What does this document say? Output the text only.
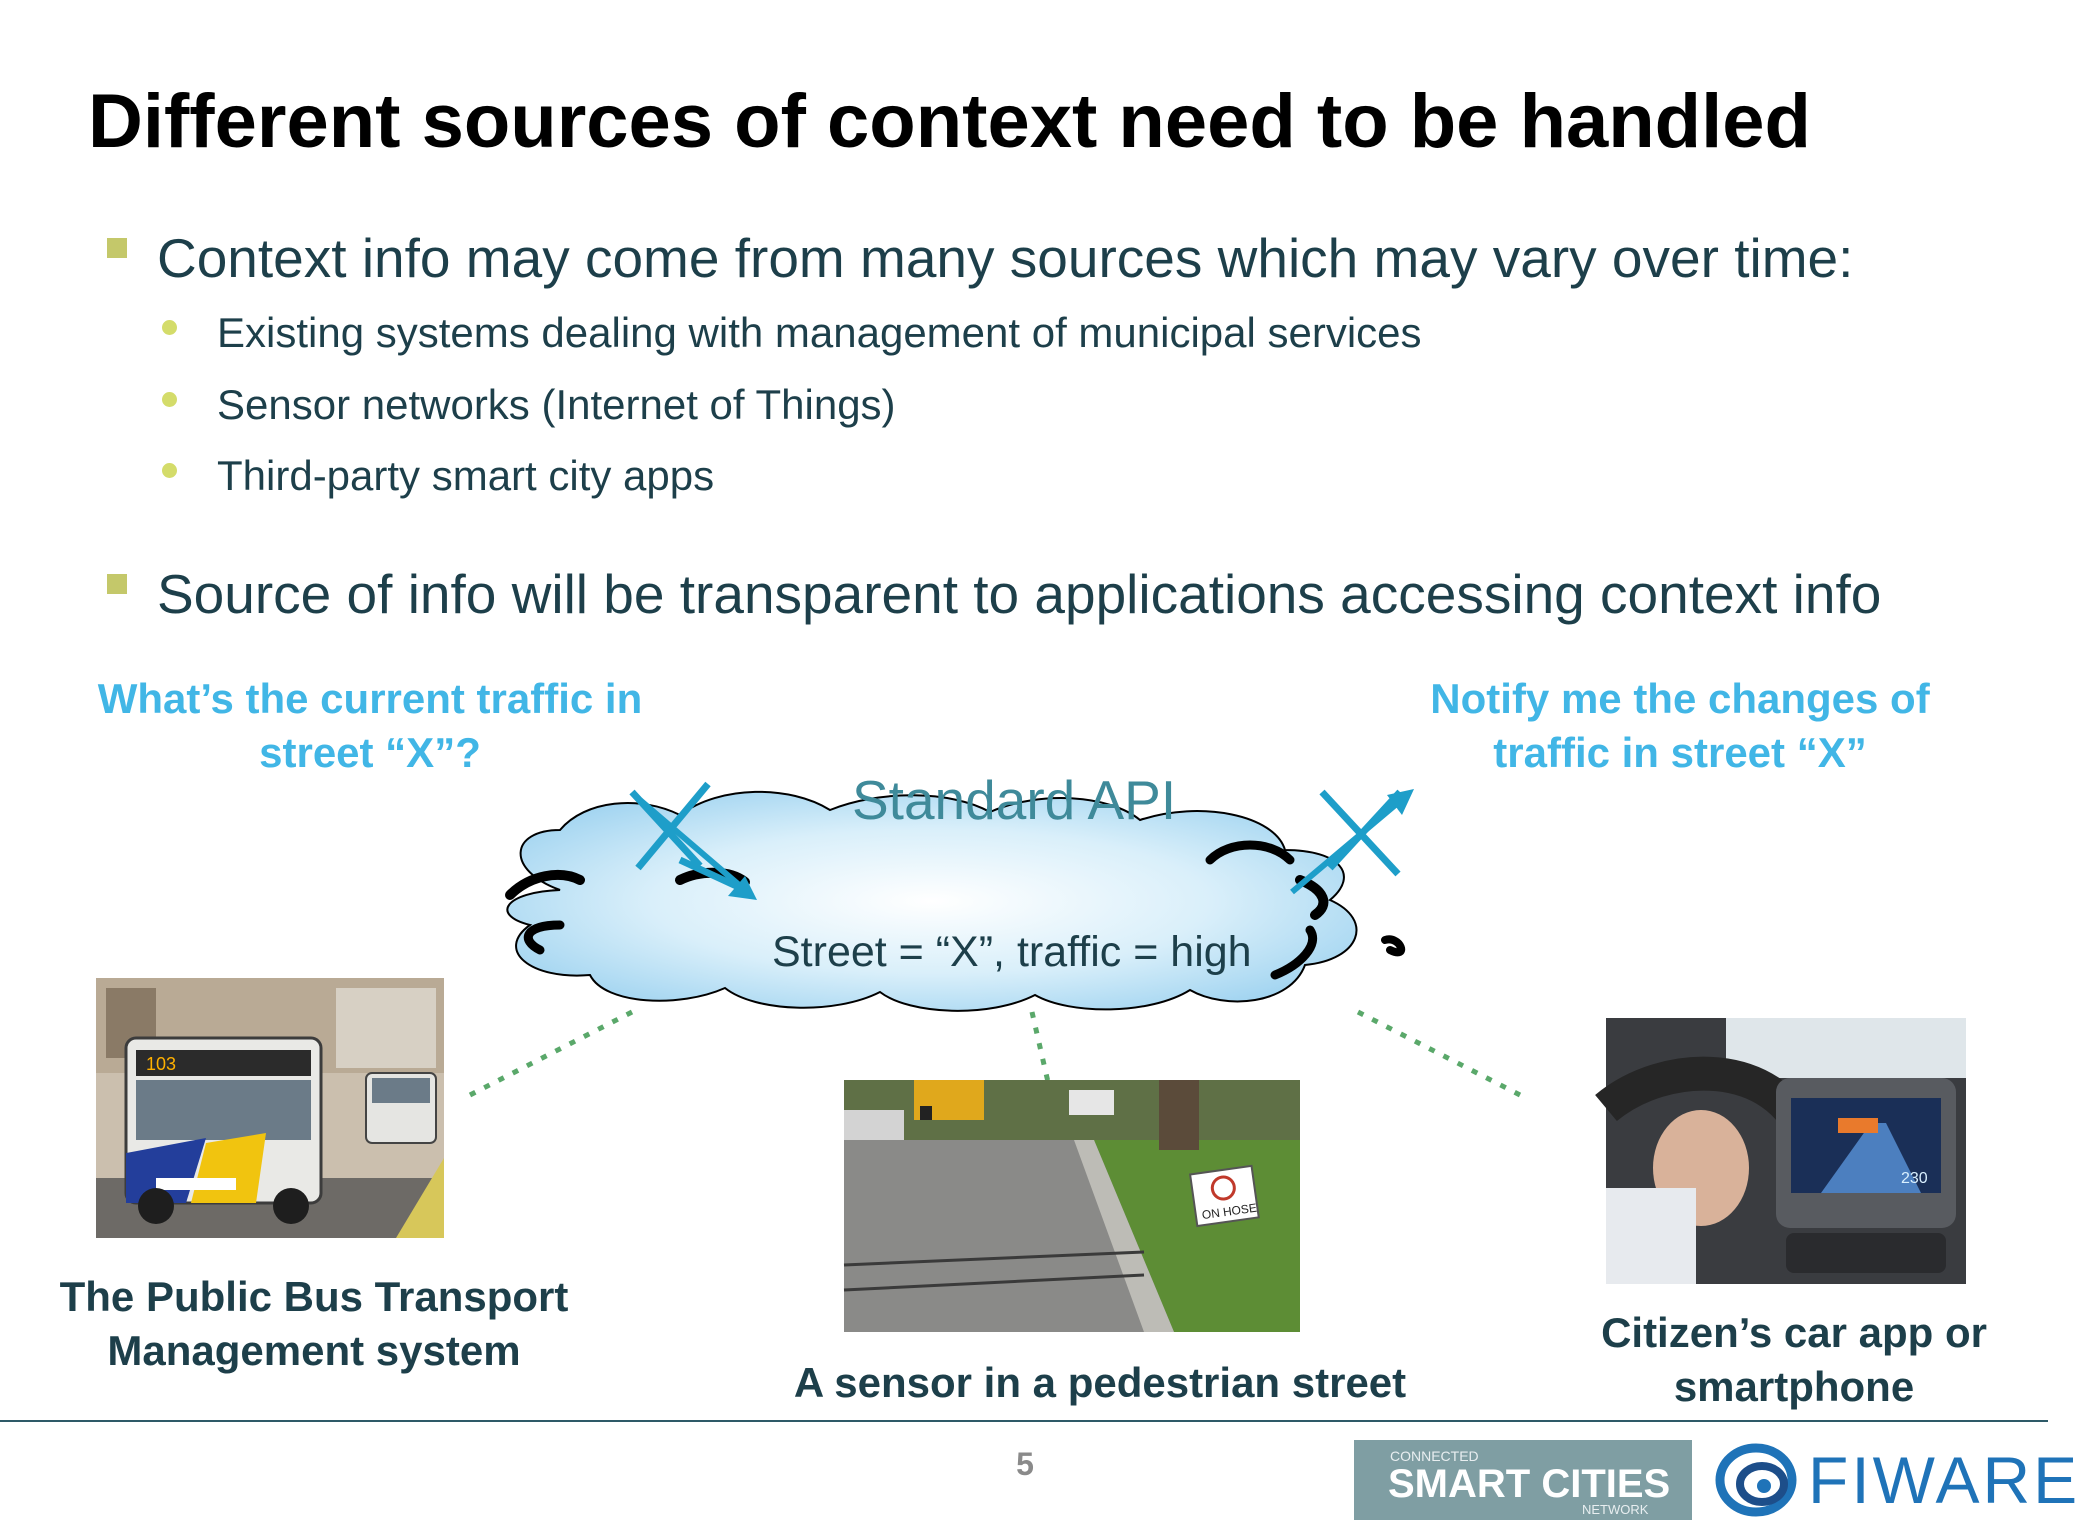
Different sources of context need to be handled
Context info may come from many sources which may vary over time:
Existing systems dealing with management of municipal services
Sensor networks (Internet of Things)
Third-party smart city apps
Source of info will be transparent to applications accessing context info
What’s the current traffic in
street “X”?
Notify me the changes of
traffic in street “X”
Standard API
Street = “X”, traffic = high
103
ON HOSE
230
The Public Bus Transport
Management system
A sensor in a pedestrian street
Citizen’s car app or
smartphone
5	CONNECTED
SMART CITIES
NETWORK FIWARE
